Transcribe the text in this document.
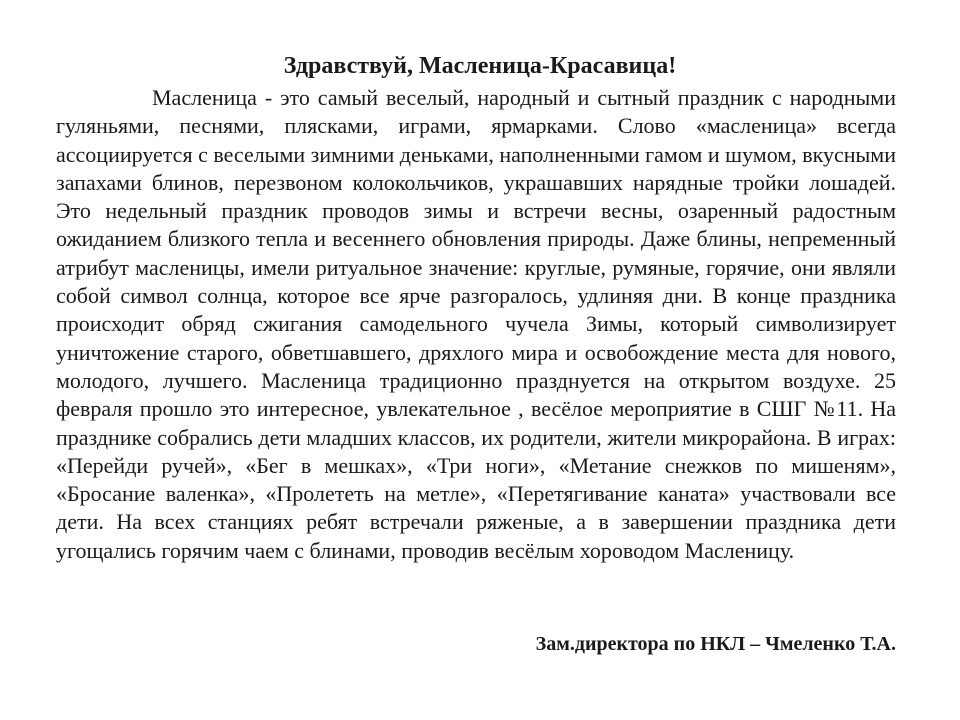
Здравствуй, Масленица-Красавица!

Масленица - это самый веселый, народный и сытный праздник с народными гуляньями, песнями, плясками, играми, ярмарками. Слово «масленица» всегда ассоциируется с веселыми зимними деньками, наполненными гамом и шумом, вкусными запахами блинов, перезвоном колокольчиков, украшавших нарядные тройки лошадей. Это недельный праздник проводов зимы и встречи весны, озаренный радостным ожиданием близкого тепла и весеннего обновления природы. Даже блины, непременный атрибут масленицы, имели ритуальное значение: круглые, румяные, горячие, они являли собой символ солнца, которое все ярче разгоралось, удлиняя дни. В конце праздника происходит обряд сжигания самодельного чучела Зимы, который символизирует уничтожение старого, обветшавшего, дряхлого мира и освобождение места для нового, молодого, лучшего. Масленица традиционно празднуется на открытом воздухе. 25 февраля прошло это интересное, увлекательное , весёлое мероприятие в СШГ №11. На празднике собрались дети младших классов, их родители, жители микрорайона. В играх: «Перейди ручей», «Бег в мешках», «Три ноги», «Метание снежков по мишеням», «Бросание валенка», «Пролететь на метле», «Перетягивание каната» участвовали все дети. На всех станциях ребят встречали ряженые, а в завершении праздника дети угощались горячим чаем с блинами, проводив весёлым хороводом Масленицу.

Зам.директора по НКЛ – Чмеленко Т.А.
